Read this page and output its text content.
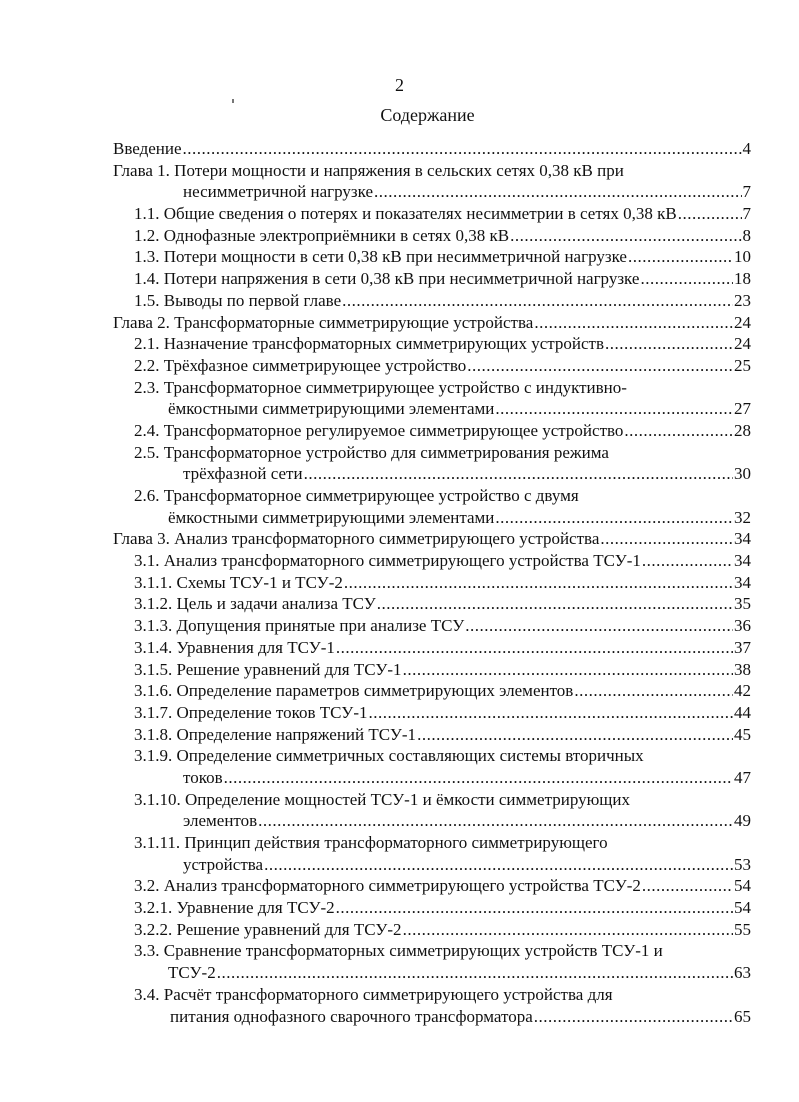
2
Содержание
Введение .....	4
Глава 1. Потери мощности и напряжения в сельских сетях 0,38 кВ при
несимметричной нагрузке .....	7
1.1. Общие сведения о потерях и показателях несимметрии в сетях 0,38 кВ .....	7
1.2. Однофазные электроприёмники в сетях 0,38 кВ .....	8
1.3. Потери мощности в сети 0,38 кВ при несимметричной нагрузке .....	10
1.4. Потери напряжения в сети 0,38 кВ при несимметричной нагрузке .....	18
1.5. Выводы по первой главе .....	23
Глава 2. Трансформаторные симметрирующие устройства .....	24
2.1. Назначение трансформаторных симметрирующих устройств .....	24
2.2. Трёхфазное симметрирующее устройство .....	25
2.3. Трансформаторное симметрирующее устройство с индуктивно-
ёмкостными симметрирующими элементами .....	27
2.4. Трансформаторное регулируемое симметрирующее устройство .....	28
2.5. Трансформаторное устройство для симметрирования режима
трёхфазной сети .....	30
2.6. Трансформаторное симметрирующее устройство с двумя
ёмкостными симметрирующими элементами .....	32
Глава 3. Анализ трансформаторного симметрирующего устройства .....	34
3.1. Анализ трансформаторного симметрирующего устройства ТСУ-1 .....	34
3.1.1. Схемы ТСУ-1 и ТСУ-2 .....	34
3.1.2. Цель и задачи анализа ТСУ .....	35
3.1.3. Допущения принятые при анализе ТСУ .....	36
3.1.4. Уравнения для ТСУ-1 .....	37
3.1.5. Решение уравнений для ТСУ-1 .....	38
3.1.6. Определение параметров симметрирующих элементов .....	42
3.1.7. Определение токов ТСУ-1 .....	44
3.1.8. Определение напряжений ТСУ-1 .....	45
3.1.9. Определение симметричных составляющих системы вторичных
токов .....	47
3.1.10. Определение мощностей ТСУ-1 и ёмкости симметрирующих
элементов .....	49
3.1.11. Принцип действия трансформаторного симметрирующего
устройства .....	53
3.2. Анализ трансформаторного симметрирующего устройства ТСУ-2 .....	54
3.2.1. Уравнение для ТСУ-2 .....	54
3.2.2. Решение уравнений для ТСУ-2 .....	55
3.3. Сравнение трансформаторных симметрирующих устройств ТСУ-1 и
ТСУ-2 .....	63
3.4. Расчёт трансформаторного симметрирующего устройства для
питания однофазного сварочного трансформатора .....	65
